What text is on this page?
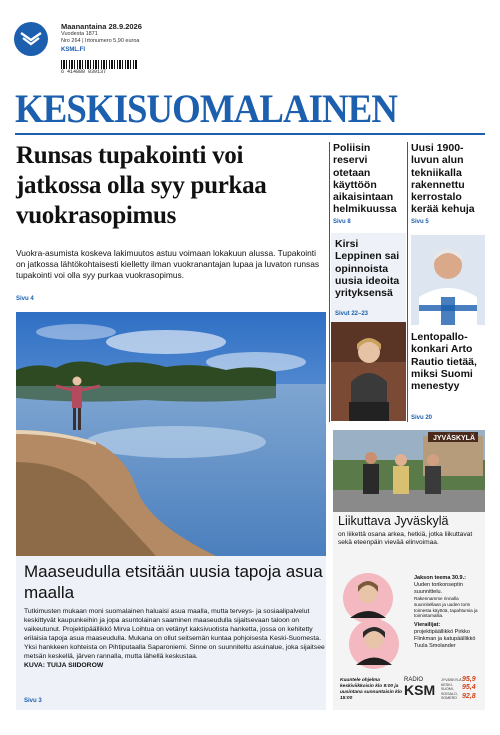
Maanantaina 28.9.2026
Vuodesta 1871
Nro 264 | Irtonumero 5,90 euroa
KSML.FI
6 414880 039137
KESKISUOMALAINEN
Runsas tupakointi voi jatkossa olla syy purkaa vuokrasopimus
Vuokra-asumista koskeva lakimuutos astuu voimaan lokakuun alussa. Tupakointi on jatkossa lähtökohtaisesti kielletty ilman vuokranantajan lupaa ja luvaton runsas tupakointi voi olla syy purkaa vuokrasopimus.
Sivu 4
Maaseudulla etsitään uusia tapoja asua maalla
Tutkimusten mukaan moni suomalainen haluaisi asua maalla, mutta terveys- ja sosiaalipalvelut keskittyvät kaupunkeihin ja jopa asuntolainan saaminen maaseudulla sijaitsevaan taloon on vaikeutunut. Projektipäällikkö Mirva Loihtua on vetänyt kaksivuotista hanketta, jossa on kehitetty erilaisia tapoja asua maaseudulla. Mukana on ollut seitsemän kuntaa pohjoisesta Keski-Suomesta. Yksi hankkeen kohteista on Pihtiputaalla Saparoniemi. Sinne on suunniteltu asuinalue, joka sijaitsee metsän keskellä, järven rannalla, mutta lähellä keskustaa.
KUVA: TUIJA SIIDOROW
Sivu 3
Poliisin reservi otetaan käyttöön aikaisintaan helmikuussa
Sivu 8
Uusi 1900-luvun alun tekniikalla rakennettu kerrostalo kerää kehuja
Sivu 5
Kirsi Leppinen sai opinnoista uusia ideoita yrityksensä
Sivut 22–23
Lentopallo-konkari Arto Rautio tietää, miksi Suomi menestyy
Sivu 20
JYVÄSKYLÄ
Liikuttava Jyväskylä
on liikettä osana arkea, hetkiä, jotka liikuttavat sekä eteenpäin vievää elinvoimaa.
Jakson teema 30.9.:
Uuden torikonseptin suunnittelu.
Rakennamme rinnalla suunnitellaan ja uuden torin toimesta käyttöä, tapahtumia ja toimintamallia.
Vierailijat:
projektipäällikkö Pirkko Flinkman ja katupäällikkö Tuula Smolander
Kuuntele ohjelma keskiviikkoisin klo 9:00 ja uusintana sunnuntaisin klo 15:00
RADIO
KSM
JYVÄSKYLÄ, KESKI-SUOMI, SOISALO, SOMERO
95,9
95,4
92,8
